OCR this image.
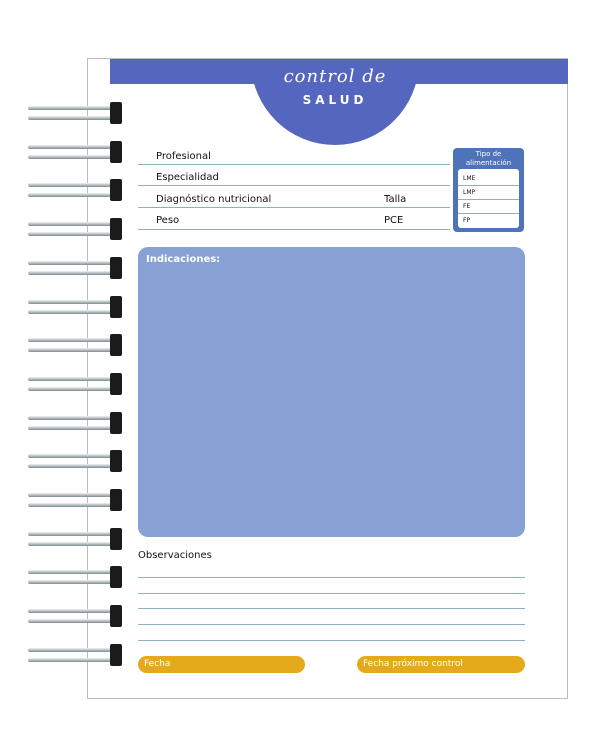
control de
SALUD
Profesional
Especialidad
Diagnóstico nutricional	Talla
Peso	PCE
Tipo de alimentación
LME
LMP
FE
FP
Indicaciones:
Observaciones
Fecha	Fecha próximo control
